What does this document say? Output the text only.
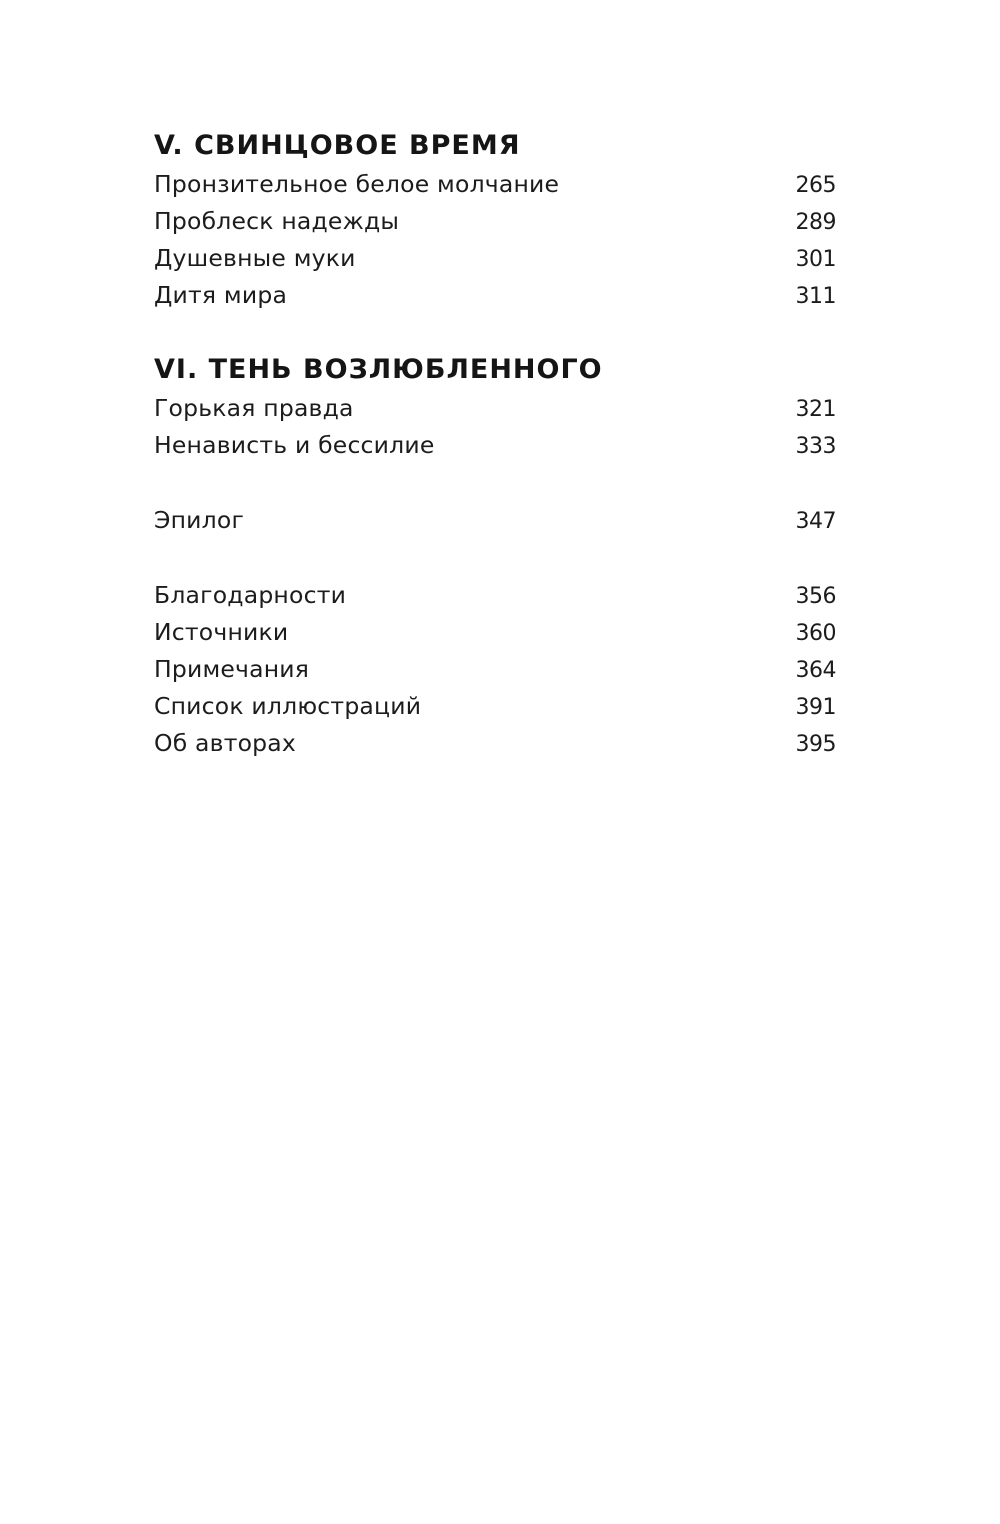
V. СВИНЦОВОЕ ВРЕМЯ
Пронзительное белое молчание	265
Проблеск надежды	289
Душевные муки	301
Дитя мира	311
VI. ТЕНЬ ВОЗЛЮБЛЕННОГО
Горькая правда	321
Ненависть и бессилие	333
Эпилог	347
Благодарности	356
Источники	360
Примечания	364
Список иллюстраций	391
Об авторах	395
